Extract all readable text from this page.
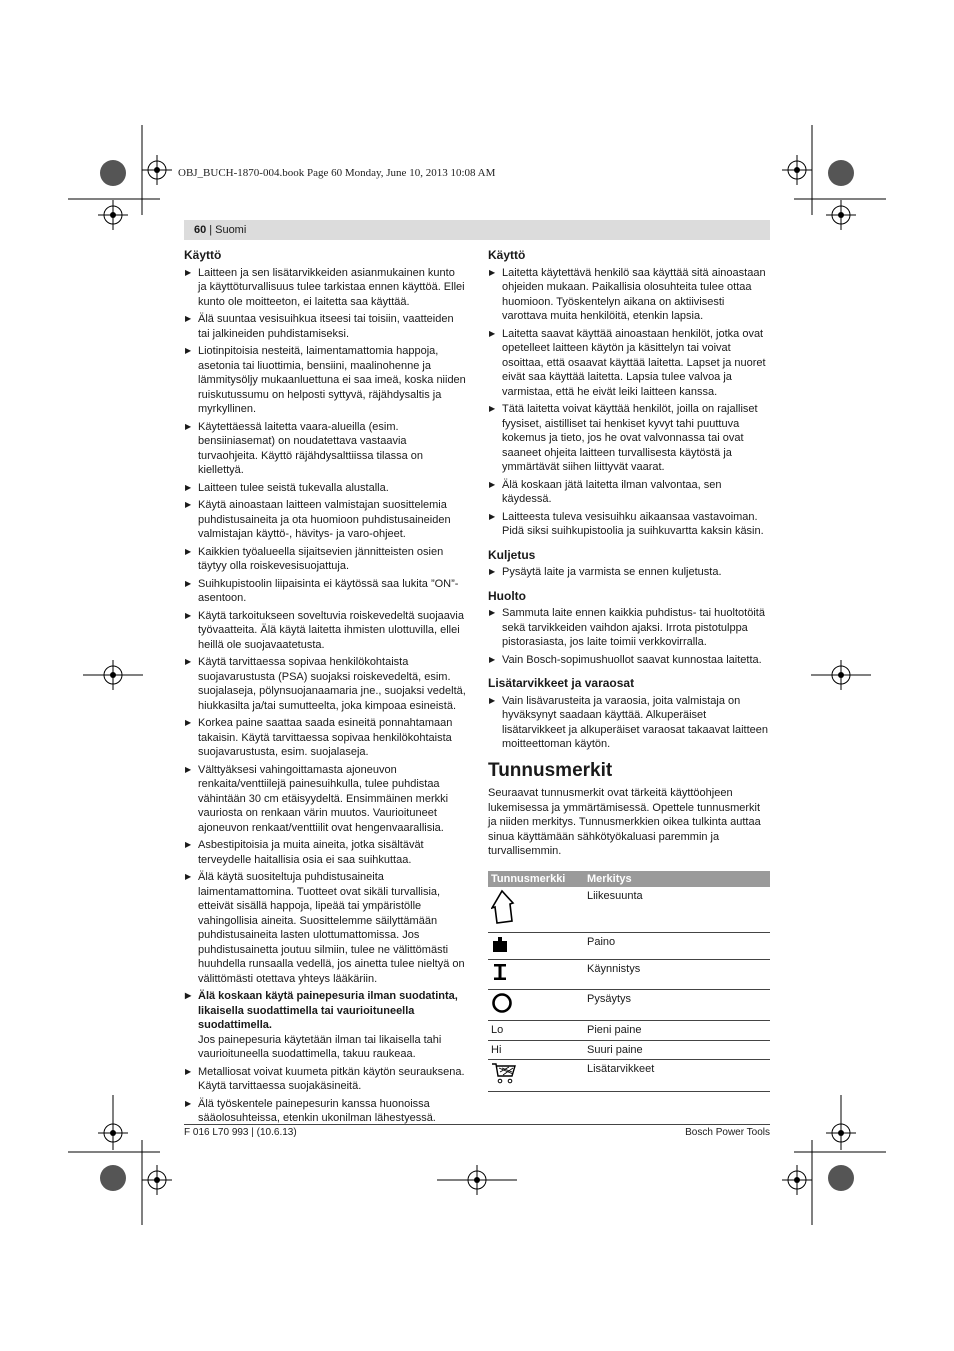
OBJ_BUCH-1870-004.book Page 60 Monday, June 10, 2013 10:08 AM
60 | Suomi
Käyttö
▶ Laitteen ja sen lisätarvikkeiden asianmukainen kunto ja käyttöturvallisuus tulee tarkistaa ennen käyttöä. Ellei kunto ole moitteeton, ei laitetta saa käyttää.
▶ Älä suuntaa vesisuihkua itseesi tai toisiin, vaatteiden tai jalkineiden puhdistamiseksi.
▶ Liotinpitoisia nesteitä, laimentamattomia happoja, asetonia tai liuottimia, bensiini, maalinohenne ja lämmitysöljy mukaanluettuna ei saa imeä, koska niiden ruiskutussumu on helposti syttyvä, räjähdysaltis ja myrkyllinen.
▶ Käytettäessä laitetta vaara-alueilla (esim. bensiiniasemat) on noudatettava vastaavia turvaohjeita. Käyttö räjähdysalttiissa tilassa on kiellettyä.
▶ Laitteen tulee seistä tukevalla alustalla.
▶ Käytä ainoastaan laitteen valmistajan suosittelemia puhdistusaineita ja ota huomioon puhdistusaineiden valmistajan käyttö-, hävitys- ja varo-ohjeet.
▶ Kaikkien työalueella sijaitsevien jännitteisten osien täytyy olla roiskevesisuojattuja.
▶ Suihkupistoolin liipaisinta ei käytössä saa lukita ”ON”-asentoon.
▶ Käytä tarkoitukseen soveltuvia roiskevedeltä suojaavia työvaatteita. Älä käytä laitetta ihmisten ulottuvilla, ellei heillä ole suojavaatetusta.
▶ Käytä tarvittaessa sopivaa henkilökohtaista suojavarustusta (PSA) suojaksi roiskevedeltä, esim. suojalaseja, pölynsuojanaamaria jne., suojaksi vedeltä, hiukkasilta ja/tai sumutteelta, joka kimpoaa esineistä.
▶ Korkea paine saattaa saada esineitä ponnahtamaan takaisin. Käytä tarvittaessa sopivaa henkilökohtaista suojavarustusta, esim. suojalaseja.
▶ Välttyäksesi vahingoittamasta ajoneuvon renkaita/venttiilejä painesuihkulla, tulee puhdistaa vähintään 30 cm etäisyydeltä. Ensimmäinen merkki vauriosta on renkaan värin muutos. Vaurioituneet ajoneuvon renkaat/venttiilit ovat hengenvaarallisia.
▶ Asbestipitoisia ja muita aineita, jotka sisältävät terveydelle haitallisia osia ei saa suihkuttaa.
▶ Älä käytä suositeltuja puhdistusaineita laimentamattomina. Tuotteet ovat sikäli turvallisia, etteivät sisällä happoja, lipeää tai ympäristölle vahingollisia aineita. Suosittelemme säilyttämään puhdistusaineita lasten ulottumattomissa. Jos puhdistusainetta joutuu silmiin, tulee ne välittömästi huuhdella runsaalla vedellä, jos ainetta tulee nieltyä on välittömästi otettava yhteys lääkäriin.
▶ Älä koskaan käytä painepesuria ilman suodatinta, likaisella suodattimella tai vaurioituneella suodattimella.
Jos painepesuria käytetään ilman tai likaisella tahi vaurioituneella suodattimella, takuu raukeaa.
▶ Metalliosat voivat kuumeta pitkän käytön seurauksena. Käytä tarvittaessa suojakäsineitä.
▶ Älä työskentele painepesurin kanssa huonoissa sääolosuhteissa, etenkin ukonilman lähestyessä.
Käyttö
▶ Laitetta käytettävä henkilö saa käyttää sitä ainoastaan ohjeiden mukaan. Paikallisia olosuhteita tulee ottaa huomioon. Työskentelyn aikana on aktiivisesti varottava muita henkilöitä, etenkin lapsia.
▶ Laitetta saavat käyttää ainoastaan henkilöt, jotka ovat opetelleet laitteen käytön ja käsittelyn tai voivat osoittaa, että osaavat käyttää laitetta. Lapset ja nuoret eivät saa käyttää laitetta. Lapsia tulee valvoa ja varmistaa, että he eivät leiki laitteen kanssa.
▶ Tätä laitetta voivat käyttää henkilöt, joilla on rajalliset fyysiset, aistilliset tai henkiset kyvyt tahi puuttuva kokemus ja tieto, jos he ovat valvonnassa tai ovat saaneet ohjeita laitteen turvallisesta käytöstä ja ymmärtävät siihen liittyvät vaarat.
▶ Älä koskaan jätä laitetta ilman valvontaa, sen käydessä.
▶ Laitteesta tuleva vesisuihku aikaansaa vastavoiman. Pidä siksi suihkupistoolia ja suihkuvartta kaksin käsin.
Kuljetus
▶ Pysäytä laite ja varmista se ennen kuljetusta.
Huolto
▶ Sammuta laite ennen kaikkia puhdistus- tai huoltotöitä sekä tarvikkeiden vaihdon ajaksi. Irrota pistotulppa pistorasiasta, jos laite toimii verkkovirralla.
▶ Vain Bosch-sopimushuollot saavat kunnostaa laitetta.
Lisätarvikkeet ja varaosat
▶ Vain lisävarusteita ja varaosia, joita valmistaja on hyväksynyt saadaan käyttää. Alkuperäiset lisätarvikkeet ja alkuperäiset varaosat takaavat laitteen moitteettoman käytön.
Tunnusmerkit

Seuraavat tunnusmerkit ovat tärkeitä käyttöohjeen lukemisessa ja ymmärtämisessä. Opettele tunnusmerkit ja niiden merkitys. Tunnusmerkkien oikea tulkinta auttaa sinua käyttämään sähkötyökaluasi paremmin ja turvallisemmin.

Tunnusmerkki	Merkitys
	Liikesuunta
	Paino
	Käynnistys
	Pysäytys
Lo	Pieni paine
Hi	Suuri paine
	Lisätarvikkeet
F 016 L70 993 | (10.6.13)	Bosch Power Tools
